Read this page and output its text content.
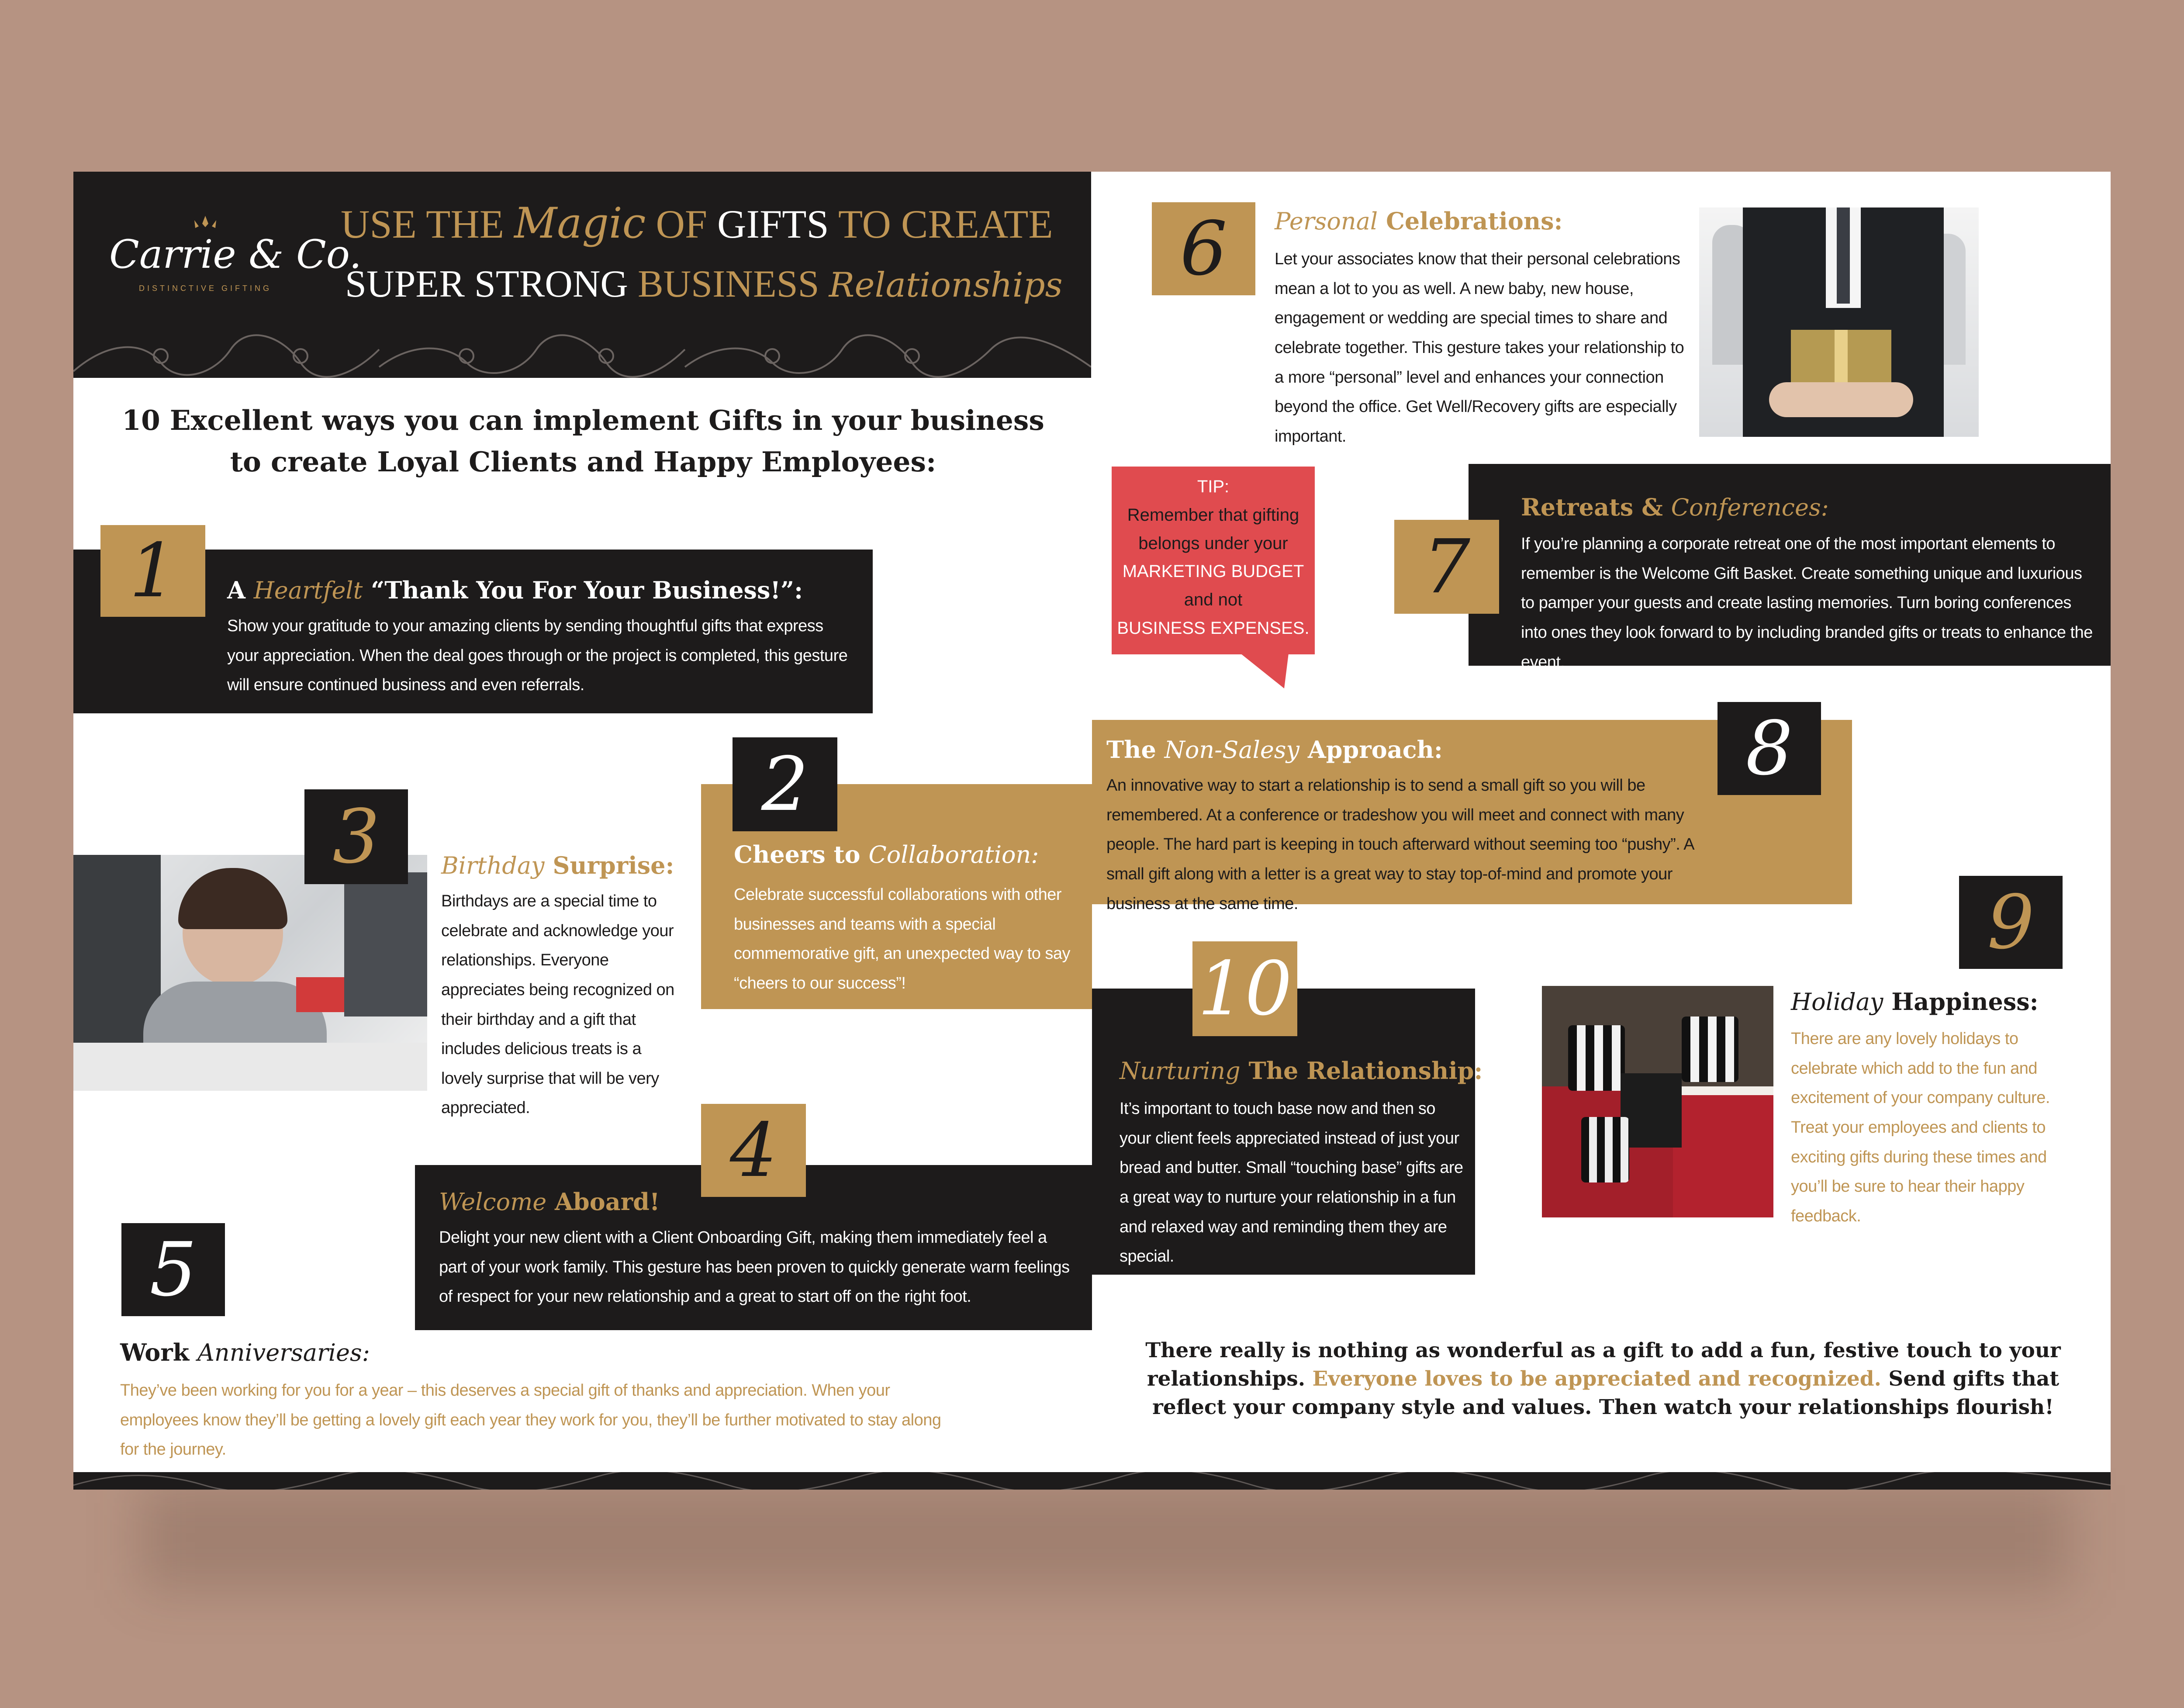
Carrie & Co.
DISTINCTIVE GIFTING
USE THE Magic OF GIFTS TO CREATE
SUPER STRONG BUSINESS Relationships
10 Excellent ways you can implement Gifts in your business
to create Loyal Clients and Happy Employees:
1	A Heartfelt “Thank You For Your Business!”:
Show your gratitude to your amazing clients by sending thoughtful gifts that express your appreciation. When the deal goes through or the project is completed, this gesture will ensure continued business and even referrals.
2
Cheers to Collaboration:
Celebrate successful collaborations with other businesses and teams with a special commemorative gift, an unexpected way to say “cheers to our success”!
3	Birthday Surprise:
Birthdays are a special time to celebrate and acknowledge your relationships. Everyone appreciates being recognized on their birthday and a gift that includes delicious treats is a lovely surprise that will be very appreciated.	4
Welcome Aboard!
Delight your new client with a Client Onboarding Gift, making them immediately feel a part of your work family. This gesture has been proven to quickly generate warm feelings of respect for your new relationship and a great to start off on the right foot.
5
Work Anniversaries:
They’ve been working for you for a year – this deserves a special gift of thanks and appreciation. When your employees know they’ll be getting a lovely gift each year they work for you, they’ll be further motivated to stay along for the journey.
6	Personal Celebrations:
Let your associates know that their personal celebrations mean a lot to you as well. A new baby, new house, engagement or wedding are special times to share and celebrate together. This gesture takes your relationship to a more “personal” level and enhances your connection beyond the office. Get Well/Recovery gifts are especially important.
TIP:
Remember that gifting
belongs under your
MARKETING BUDGET
and not
BUSINESS EXPENSES.
7
Retreats & Conferences:
If you’re planning a corporate retreat one of the most important elements to remember is the Welcome Gift Basket. Create something unique and luxurious to pamper your guests and create lasting memories. Turn boring conferences into ones they look forward to by including branded gifts or treats to enhance the event.
8
The Non-Salesy Approach:
An innovative way to start a relationship is to send a small gift so you will be remembered. At a conference or tradeshow you will meet and connect with many people. The hard part is keeping in touch afterward without seeming too “pushy”. A small gift along with a letter is a great way to stay top-of-mind and promote your business at the same time.	9
Holiday Happiness:
There are any lovely holidays to celebrate which add to the fun and excitement of your company culture. Treat your employees and clients to exciting gifts during these times and you’ll be sure to hear their happy feedback.
10
Nurturing The Relationship:
It’s important to touch base now and then so your client feels appreciated instead of just your bread and butter. Small “touching base” gifts are a great way to nurture your relationship in a fun and relaxed way and reminding them they are special.
There really is nothing as wonderful as a gift to add a fun, festive touch to your relationships. Everyone loves to be appreciated and recognized. Send gifts that reflect your company style and values. Then watch your relationships flourish!
